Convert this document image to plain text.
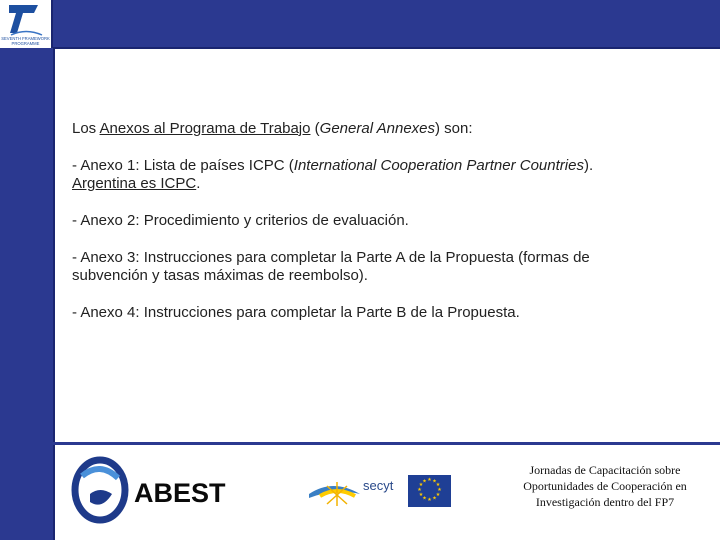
SEVENTH FRAMEWORK
PROGRAMME

Los Anexos al Programa de Trabajo (General Annexes) son:

- Anexo 1: Lista de países ICPC (International Cooperation Partner Countries). Argentina es ICPC.

- Anexo 2: Procedimiento y criterios de evaluación.

- Anexo 3: Instrucciones para completar la Parte A de la Propuesta (formas de subvención y tasas máximas de reembolso).

- Anexo 4: Instrucciones para completar la Parte B de la Propuesta.

ABEST	secyt	★ ★
★
★
★
★
★
★
★
★
★
★
Jornadas de Capacitación sobre
Oportunidades de Cooperación en
Investigación dentro del FP7
